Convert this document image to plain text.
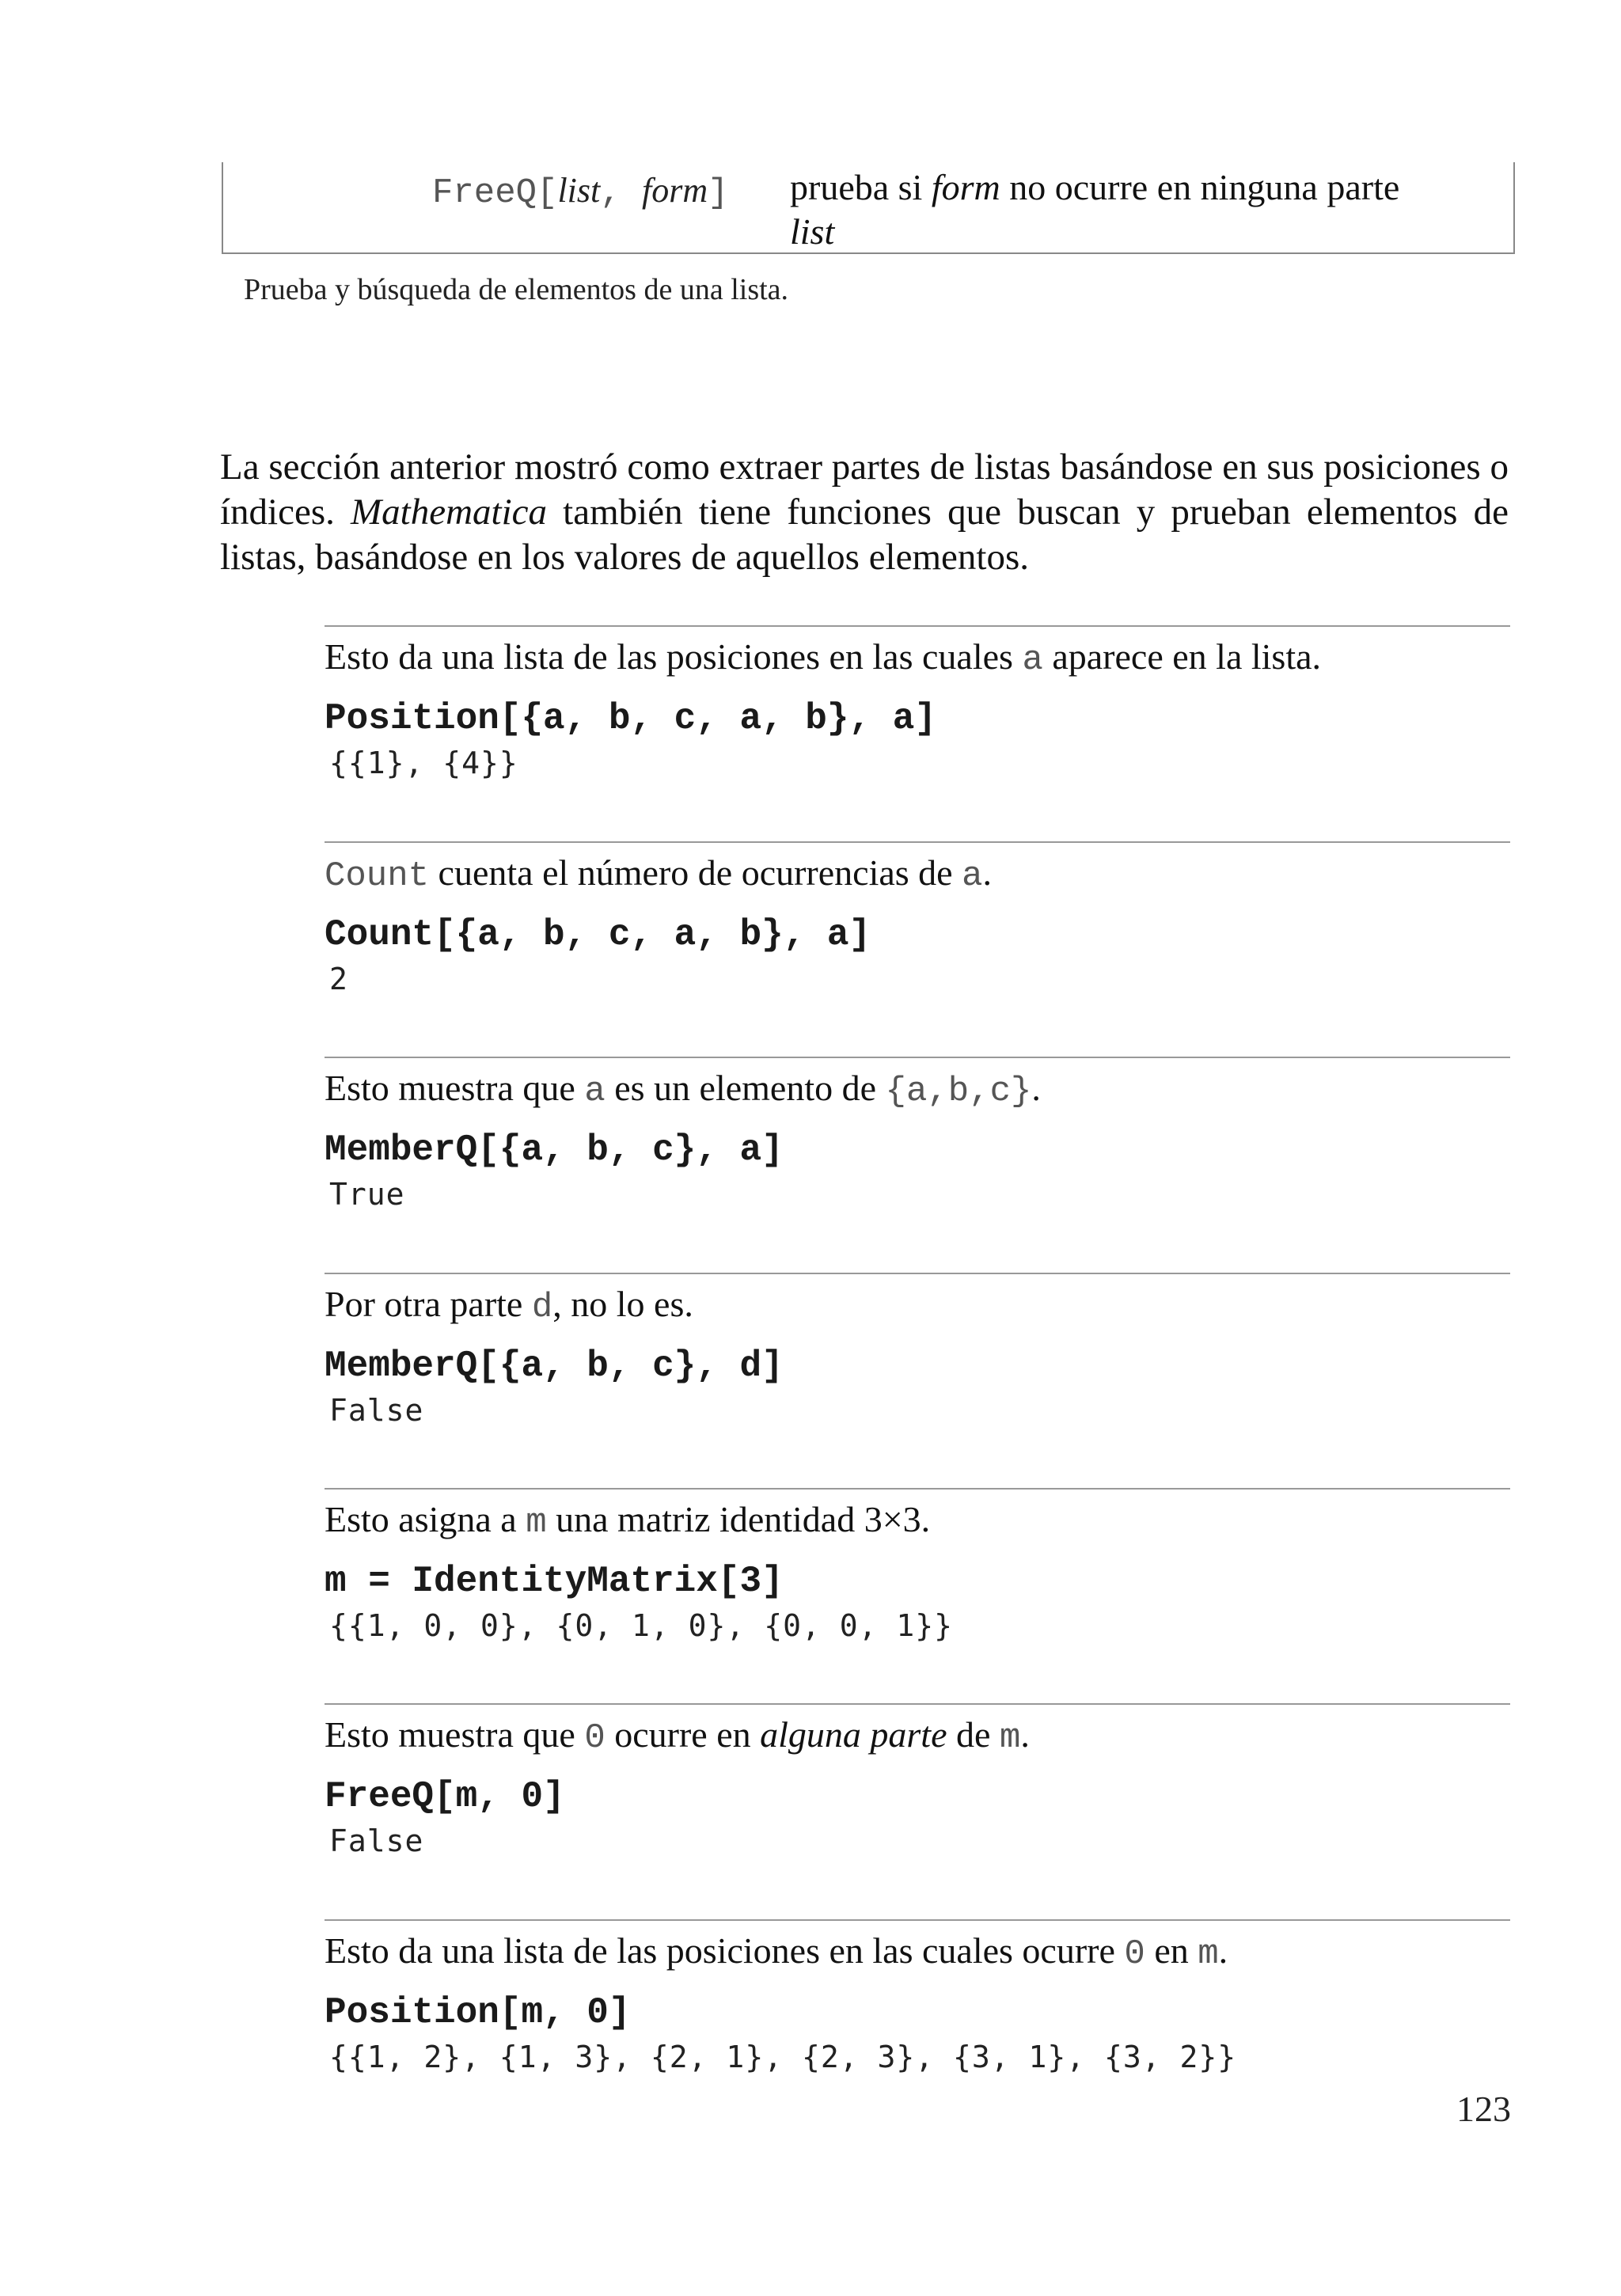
FreeQ[list, form] prueba si form no ocurre en ninguna parte
list
Prueba y búsqueda de elementos de una lista.
La sección anterior mostró como extraer partes de listas basándose en sus posiciones o índices. Mathematica también tiene funciones que buscan y prueban elementos de listas, basándose en los valores de aquellos elementos.
Esto da una lista de las posiciones en las cuales a aparece en la lista.
Position[{a, b, c, a, b}, a]
{{1}, {4}}
Count cuenta el número de ocurrencias de a.
Count[{a, b, c, a, b}, a]
2
Esto muestra que a es un elemento de {a,b,c}.
MemberQ[{a, b, c}, a]
True
Por otra parte d, no lo es.
MemberQ[{a, b, c}, d]
False
Esto asigna a m una matriz identidad 3×3.
m = IdentityMatrix[3]
{{1, 0, 0}, {0, 1, 0}, {0, 0, 1}}
Esto muestra que 0 ocurre en alguna parte de m.
FreeQ[m, 0]
False
Esto da una lista de las posiciones en las cuales ocurre 0 en m.
Position[m, 0]
{{1, 2}, {1, 3}, {2, 1}, {2, 3}, {3, 1}, {3, 2}}
123
